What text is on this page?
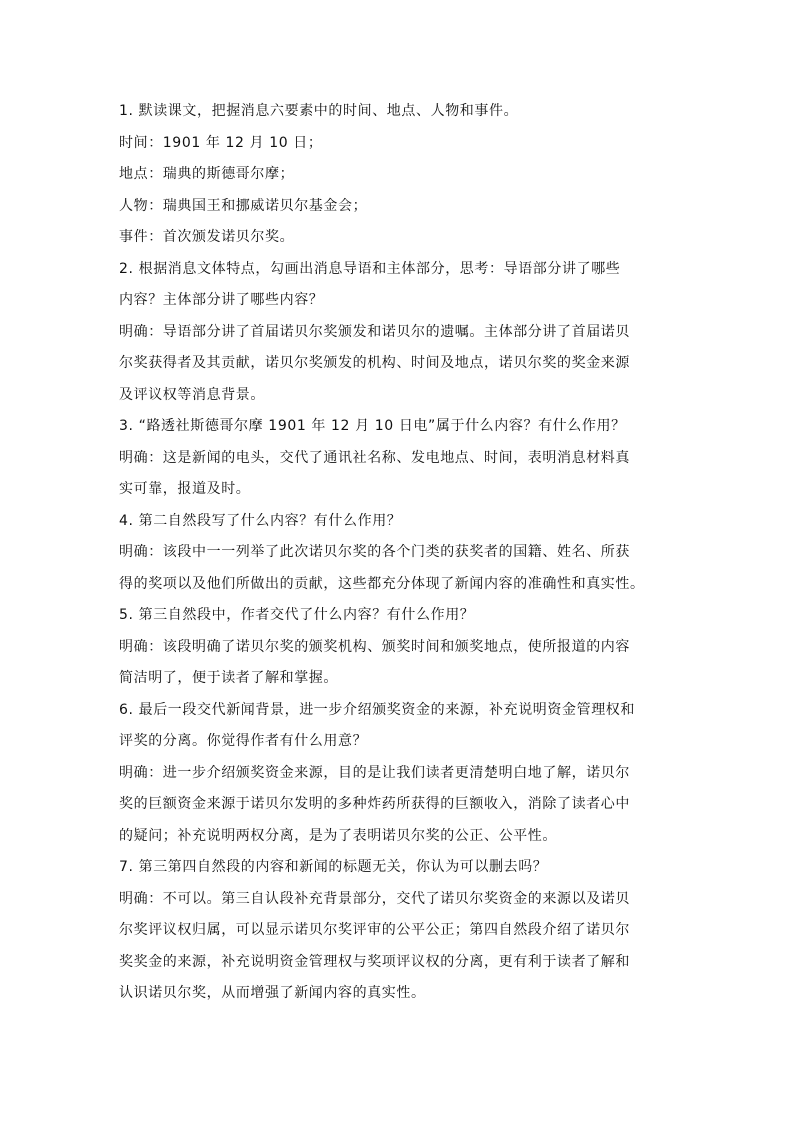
1. 默读课文，把握消息六要素中的时间、地点、人物和事件。
时间：1901 年 12 月 10 日；
地点：瑞典的斯德哥尔摩；
人物：瑞典国王和挪威诺贝尔基金会；
事件：首次颁发诺贝尔奖。
2. 根据消息文体特点，勾画出消息导语和主体部分，思考：导语部分讲了哪些
内容？主体部分讲了哪些内容？
明确：导语部分讲了首届诺贝尔奖颁发和诺贝尔的遗嘱。主体部分讲了首届诺贝
尔奖获得者及其贡献，诺贝尔奖颁发的机构、时间及地点，诺贝尔奖的奖金来源
及评议权等消息背景。
3. “路透社斯德哥尔摩 1901 年 12 月 10 日电”属于什么内容？有什么作用？
明确：这是新闻的电头，交代了通讯社名称、发电地点、时间，表明消息材料真
实可靠，报道及时。
4. 第二自然段写了什么内容？有什么作用？
明确：该段中一一列举了此次诺贝尔奖的各个门类的获奖者的国籍、姓名、所获
得的奖项以及他们所做出的贡献，这些都充分体现了新闻内容的准确性和真实性。
5. 第三自然段中，作者交代了什么内容？有什么作用？
明确：该段明确了诺贝尔奖的颁奖机构、颁奖时间和颁奖地点，使所报道的内容
简洁明了，便于读者了解和掌握。
6. 最后一段交代新闻背景，进一步介绍颁奖资金的来源，补充说明资金管理权和
评奖的分离。你觉得作者有什么用意？
明确：进一步介绍颁奖资金来源，目的是让我们读者更清楚明白地了解，诺贝尔
奖的巨额资金来源于诺贝尔发明的多种炸药所获得的巨额收入，消除了读者心中
的疑问；补充说明两权分离，是为了表明诺贝尔奖的公正、公平性。
7. 第三第四自然段的内容和新闻的标题无关，你认为可以删去吗？
明确：不可以。第三自认段补充背景部分，交代了诺贝尔奖资金的来源以及诺贝
尔奖评议权归属，可以显示诺贝尔奖评审的公平公正；第四自然段介绍了诺贝尔
奖奖金的来源，补充说明资金管理权与奖项评议权的分离，更有利于读者了解和
认识诺贝尔奖，从而增强了新闻内容的真实性。
